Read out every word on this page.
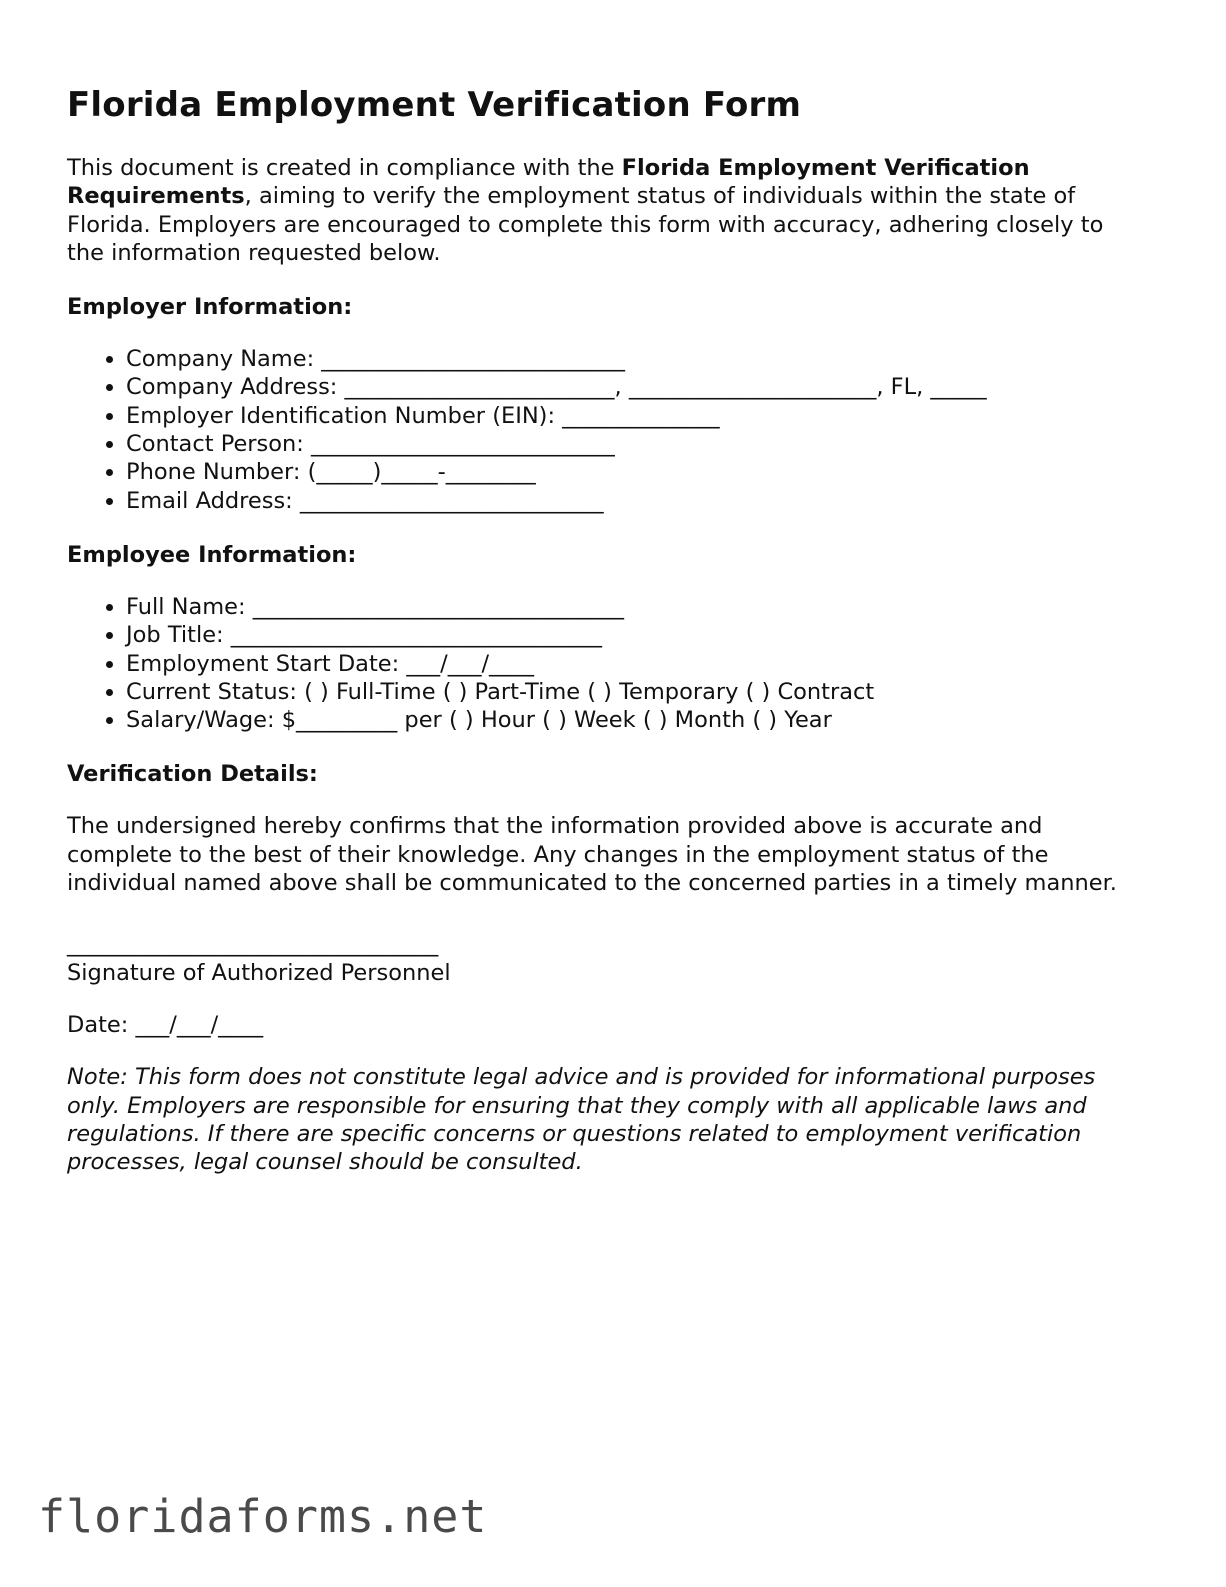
Florida Employment Verification Form

This document is created in compliance with the Florida Employment Verification Requirements, aiming to verify the employment status of individuals within the state of Florida. Employers are encouraged to complete this form with accuracy, adhering closely to the information requested below.

Employer Information:

• Company Name: ___________________________
• Company Address: ________________________, ______________________, FL, _____
• Employer Identification Number (EIN): ______________
• Contact Person: ___________________________
• Phone Number: (_____)_____-________
• Email Address: ___________________________

Employee Information:

• Full Name: _________________________________
• Job Title: _________________________________
• Employment Start Date: ___/___/____
• Current Status: ( ) Full-Time ( ) Part-Time ( ) Temporary ( ) Contract
• Salary/Wage: $_________ per ( ) Hour ( ) Week ( ) Month ( ) Year

Verification Details:

The undersigned hereby confirms that the information provided above is accurate and complete to the best of their knowledge. Any changes in the employment status of the individual named above shall be communicated to the concerned parties in a timely manner.

_________________________________
Signature of Authorized Personnel

Date: ___/___/____

Note: This form does not constitute legal advice and is provided for informational purposes only. Employers are responsible for ensuring that they comply with all applicable laws and regulations. If there are specific concerns or questions related to employment verification processes, legal counsel should be consulted.

floridaforms.net
